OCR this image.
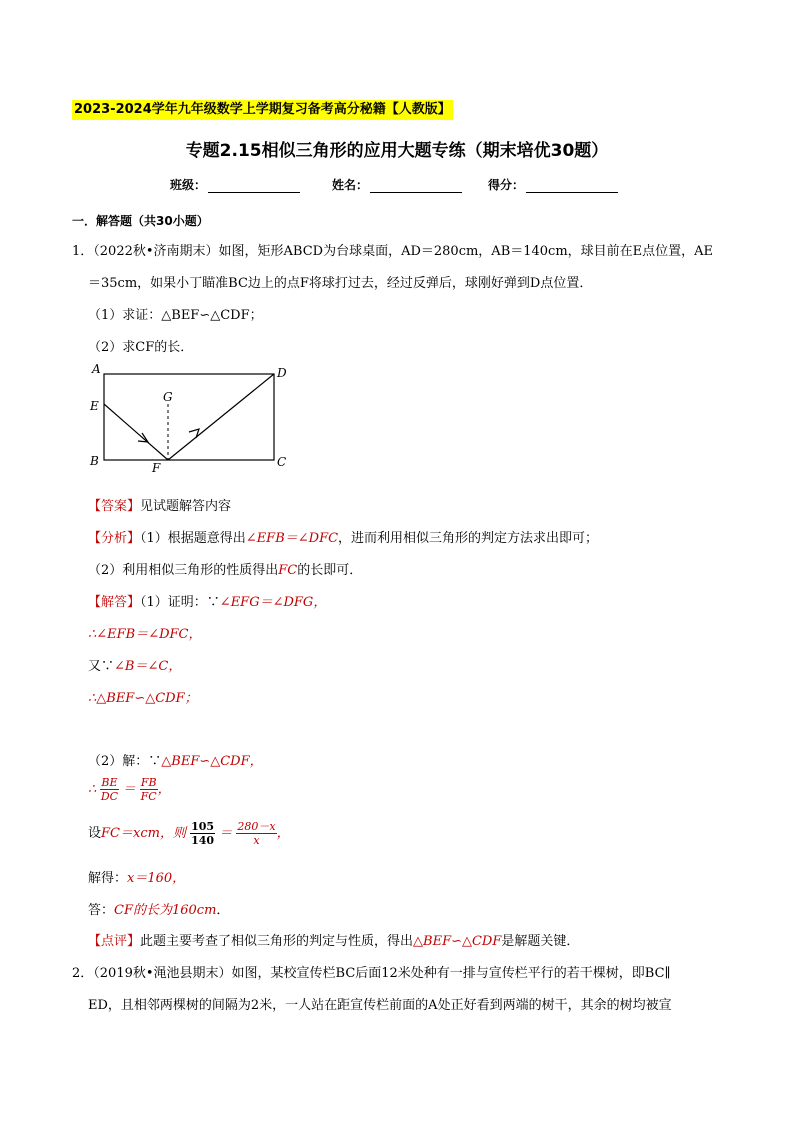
2023-2024学年九年级数学上学期复习备考高分秘籍【人教版】
专题2.15相似三角形的应用大题专练（期末培优30题）
班级：	姓名：	得分：
一．解答题（共30小题）
1．（2022秋•济南期末）如图，矩形ABCD为台球桌面，AD＝280cm，AB＝140cm，球目前在E点位置，AE
＝35cm，如果小丁瞄准BC边上的点F将球打过去，经过反弹后，球刚好弹到D点位置．
（1）求证：△BEF∽△CDF；
（2）求CF的长．
A	D
E
G
B	F	C
【答案】见试题解答内容
【分析】（1）根据题意得出∠EFB＝∠DFC，进而利用相似三角形的判定方法求出即可；
（2）利用相似三角形的性质得出FC的长即可．
【解答】（1）证明：∵∠EFG＝∠DFG，
∴∠EFB＝∠DFC，
又∵∠B＝∠C，
∴△BEF∽△CDF；
（2）解：∵△BEF∽△CDF，
∴ $\frac{BE}{DC} = \frac{FB}{FC}$ ，
设FC＝xcm，则 $\frac{105}{140} = \frac{280-x}{x}$ ，
解得：x＝160，
答：CF的长为160cm．
【点评】此题主要考查了相似三角形的判定与性质，得出△BEF∽△CDF是解题关键．
2．（2019秋•渑池县期末）如图，某校宣传栏BC后面12米处种有一排与宣传栏平行的若干棵树，即BC∥
ED，且相邻两棵树的间隔为2米，一人站在距宣传栏前面的A处正好看到两端的树干，其余的树均被宣
